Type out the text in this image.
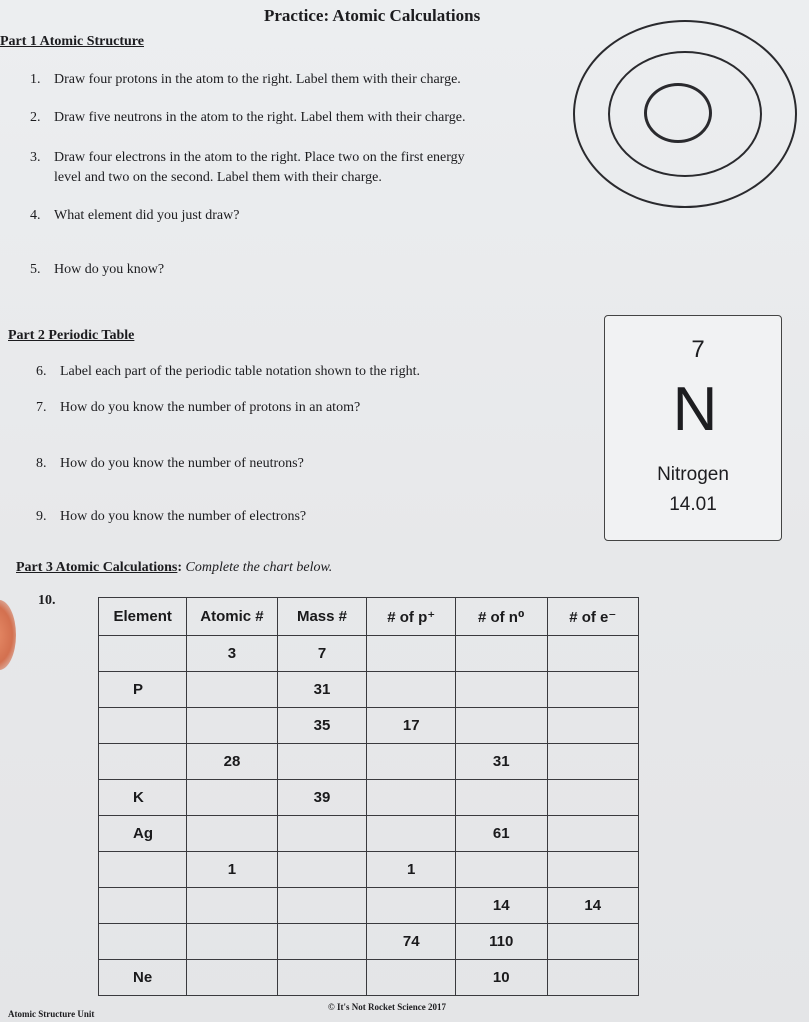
Practice: Atomic Calculations
Part 1 Atomic Structure
1. Draw four protons in the atom to the right. Label them with their charge.
2. Draw five neutrons in the atom to the right. Label them with their charge.
3. Draw four electrons in the atom to the right. Place two on the first energy
level and two on the second. Label them with their charge.
4. What element did you just draw?
5. How do you know?
Part 2 Periodic Table
6. Label each part of the periodic table notation shown to the right.
7. How do you know the number of protons in an atom?
8. How do you know the number of neutrons?
9. How do you know the number of electrons?
7
N
Nitrogen
14.01
Part 3 Atomic Calculations: Complete the chart below.
10.
Element	Atomic #	Mass #	# of p⁺	# of n⁰	# of e⁻
	3	7			
P		31			
		35	17		
	28			31	
K		39			
Ag				61	
	1		1		
				14	14
			74	110	
Ne				10	
Atomic Structure Unit
© It's Not Rocket Science 2017
